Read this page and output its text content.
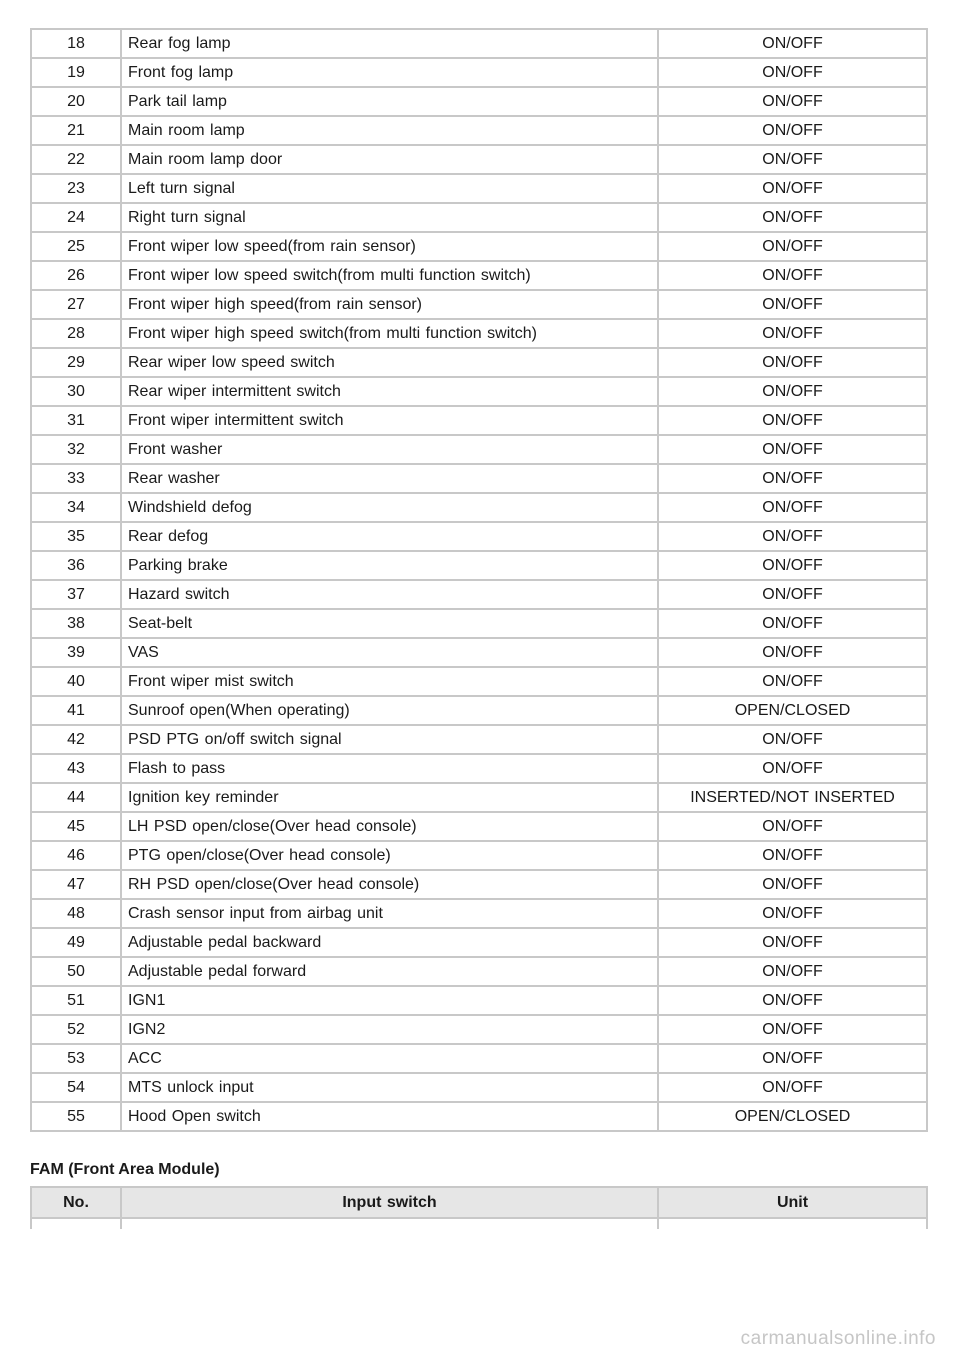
18	Rear fog lamp	ON/OFF
19	Front fog lamp	ON/OFF
20	Park tail lamp	ON/OFF
21	Main room lamp	ON/OFF
22	Main room lamp door	ON/OFF
23	Left turn signal	ON/OFF
24	Right turn signal	ON/OFF
25	Front wiper low speed(from rain sensor)	ON/OFF
26	Front wiper low speed switch(from multi function switch)	ON/OFF
27	Front wiper high speed(from rain sensor)	ON/OFF
28	Front wiper high speed switch(from multi function switch)	ON/OFF
29	Rear wiper low speed switch	ON/OFF
30	Rear wiper intermittent switch	ON/OFF
31	Front wiper intermittent switch	ON/OFF
32	Front washer	ON/OFF
33	Rear washer	ON/OFF
34	Windshield defog	ON/OFF
35	Rear defog	ON/OFF
36	Parking brake	ON/OFF
37	Hazard switch	ON/OFF
38	Seat-belt	ON/OFF
39	VAS	ON/OFF
40	Front wiper mist switch	ON/OFF
41	Sunroof open(When operating)	OPEN/CLOSED
42	PSD PTG on/off switch signal	ON/OFF
43	Flash to pass	ON/OFF
44	Ignition key reminder	INSERTED/NOT INSERTED
45	LH PSD open/close(Over head console)	ON/OFF
46	PTG open/close(Over head console)	ON/OFF
47	RH PSD open/close(Over head console)	ON/OFF
48	Crash sensor input from airbag unit	ON/OFF
49	Adjustable pedal backward	ON/OFF
50	Adjustable pedal forward	ON/OFF
51	IGN1	ON/OFF
52	IGN2	ON/OFF
53	ACC	ON/OFF
54	MTS unlock input	ON/OFF
55	Hood Open switch	OPEN/CLOSED
FAM (Front Area Module)
No.	Input switch	Unit

carmanualsonline.info
